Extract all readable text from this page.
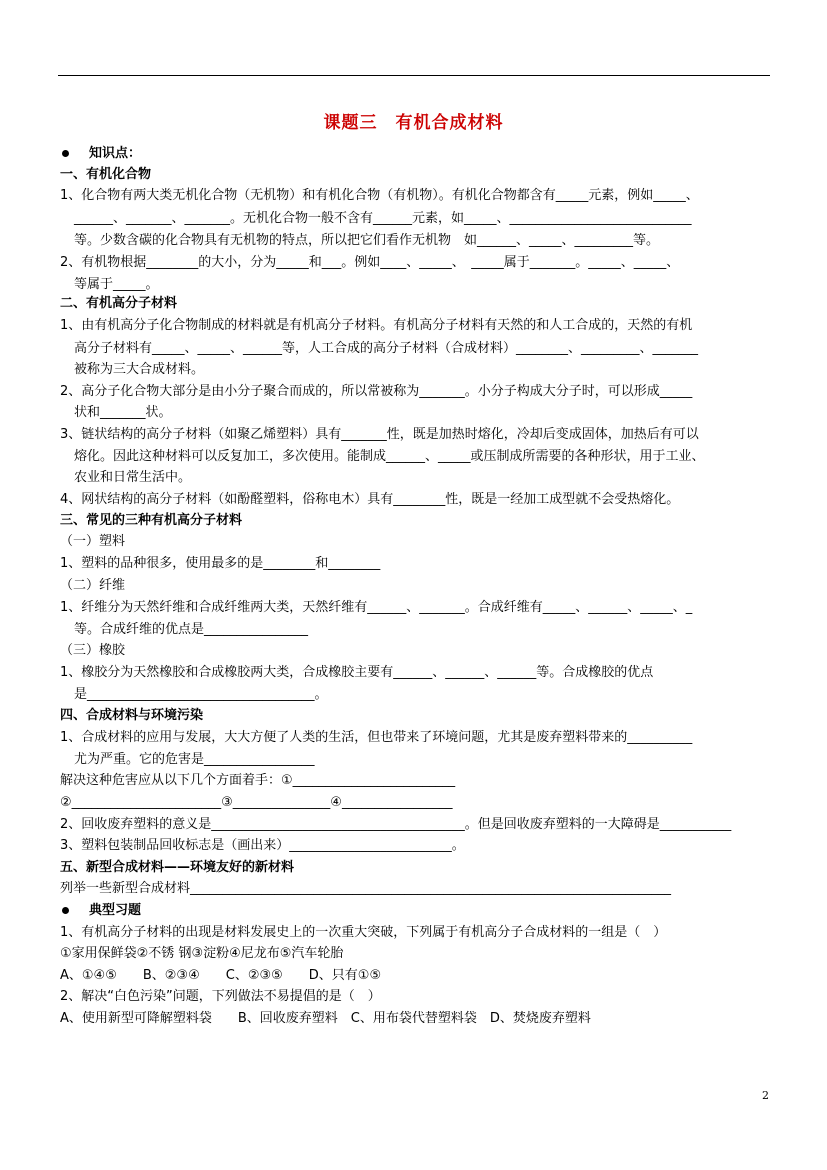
课题三　有机合成材料
知识点：
一、有机化合物
1、化合物有两大类无机化合物（无机物）和有机化合物（有机物）。有机化合物都含有_____元素，例如_____、
______、_______、_______。无机化合物一般不含有______元素，如_____、____________________________
等。少数含碳的化合物具有无机物的特点，所以把它们看作无机物　如______、_____、_________等。
2、有机物根据________的大小，分为_____和___。例如____、_____、　_____属于_______。_____、_____、
等属于_____。
二、有机高分子材料
1、由有机高分子化合物制成的材料就是有机高分子材料。有机高分子材料有天然的和人工合成的，天然的有机
高分子材料有_____、_____、______等，人工合成的高分子材料（合成材料）________、_________、_______
被称为三大合成材料。
2、高分子化合物大部分是由小分子聚合而成的，所以常被称为_______。小分子构成大分子时，可以形成_____
状和_______状。
3、链状结构的高分子材料（如聚乙烯塑料）具有_______性，既是加热时熔化，冷却后变成固体，加热后有可以
熔化。因此这种材料可以反复加工，多次使用。能制成______、_____或压制成所需要的各种形状，用于工业、
农业和日常生活中。
4、网状结构的高分子材料（如酚醛塑料，俗称电木）具有________性，既是一经加工成型就不会受热熔化。
三、常见的三种有机高分子材料
（一）塑料
1、塑料的品种很多，使用最多的是________和________
（二）纤维
1、纤维分为天然纤维和合成纤维两大类，天然纤维有______、_______。合成纤维有_____、______、_____、_
等。合成纤维的优点是________________
（三）橡胶
1、橡胶分为天然橡胶和合成橡胶两大类，合成橡胶主要有______、______、______等。合成橡胶的优点
是___________________________________。
四、合成材料与环境污染
1、合成材料的应用与发展，大大方便了人类的生活，但也带来了环境问题，尤其是废弃塑料带来的__________
尤为严重。它的危害是_________________
解决这种危害应从以下几个方面着手：①_________________________
②_______________________③_______________④_________________
2、回收废弃塑料的意义是_______________________________________。但是回收废弃塑料的一大障碍是___________
3、塑料包装制品回收标志是（画出来）_________________________。
五、新型合成材料——环境友好的新材料
列举一些新型合成材料__________________________________________________________________________
典型习题
1、有机高分子材料的出现是材料发展史上的一次重大突破，下列属于有机高分子合成材料的一组是（　）
①家用保鲜袋②不锈 钢③淀粉④尼龙布⑤汽车轮胎
A、①④⑤　　B、②③④　　C、②③⑤　　D、只有①⑤
2、解决“白色污染”问题，下列做法不易提倡的是（　）
A、使用新型可降解塑料袋　　B、回收废弃塑料　C、用布袋代替塑料袋　D、焚烧废弃塑料
2
